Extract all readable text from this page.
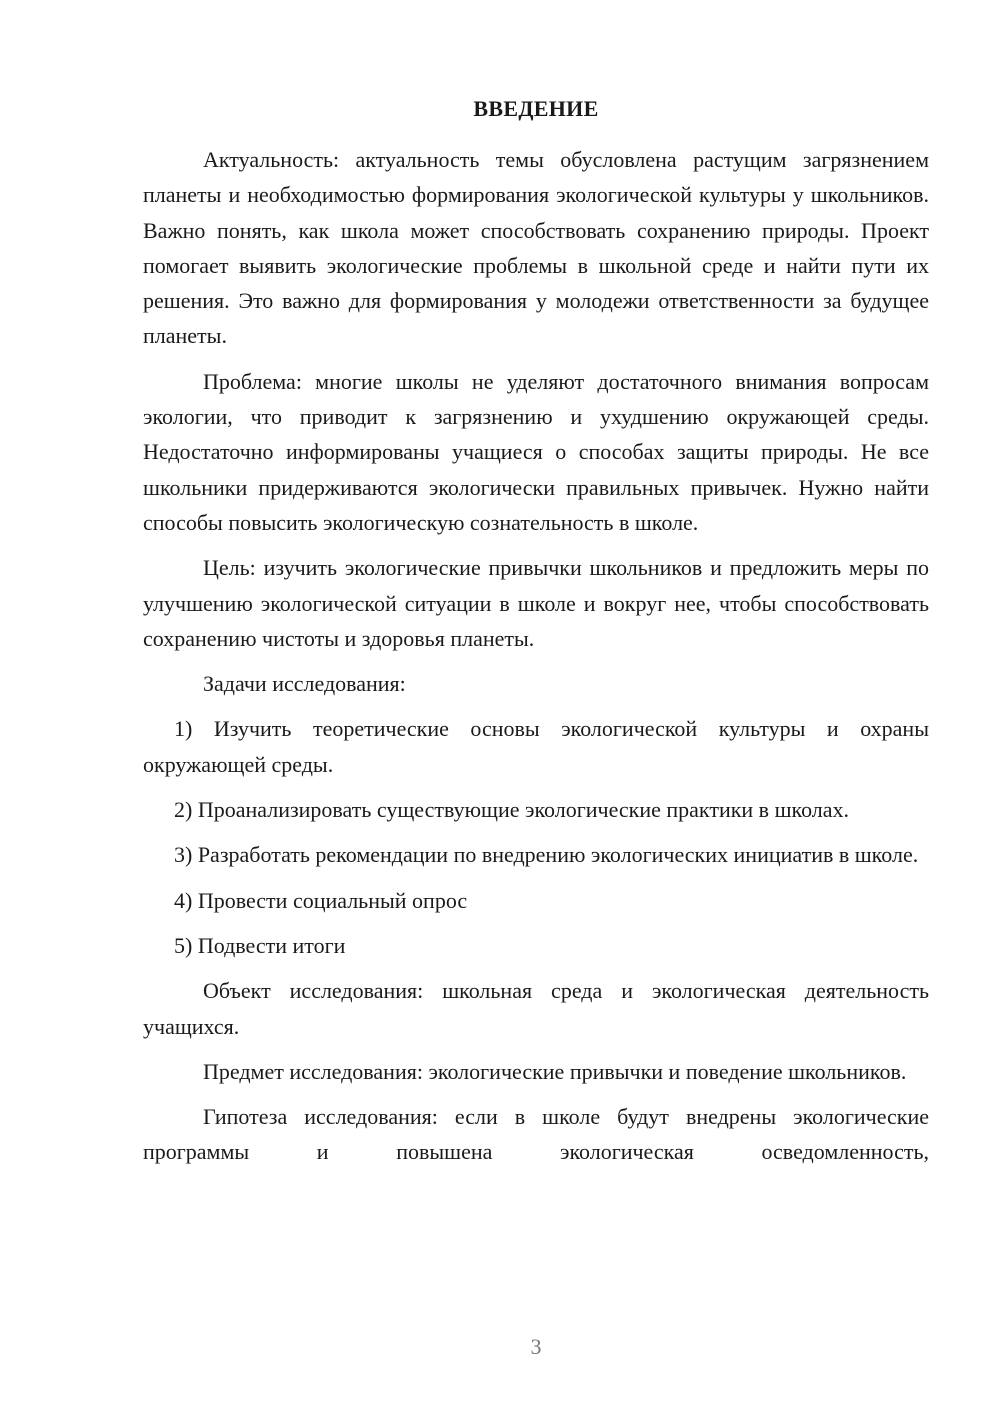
ВВЕДЕНИЕ

Актуальность: актуальность темы обусловлена растущим загрязнением планеты и необходимостью формирования экологической культуры у школьников. Важно понять, как школа может способствовать сохранению природы. Проект помогает выявить экологические проблемы в школьной среде и найти пути их решения. Это важно для формирования у молодежи ответственности за будущее планеты.

Проблема: многие школы не уделяют достаточного внимания вопросам экологии, что приводит к загрязнению и ухудшению окружающей среды. Недостаточно информированы учащиеся о способах защиты природы. Не все школьники придерживаются экологически правильных привычек. Нужно найти способы повысить экологическую сознательность в школе.

Цель: изучить экологические привычки школьников и предложить меры по улучшению экологической ситуации в школе и вокруг нее, чтобы способствовать сохранению чистоты и здоровья планеты.

Задачи исследования:

1) Изучить теоретические основы экологической культуры и охраны окружающей среды.

2) Проанализировать существующие экологические практики в школах.

3) Разработать рекомендации по внедрению экологических инициатив в школе.

4) Провести социальный опрос

5) Подвести итоги

Объект исследования: школьная среда и экологическая деятельность учащихся.

Предмет исследования: экологические привычки и поведение школьников.

Гипотеза исследования: если в школе будут внедрены экологические программы и повышена экологическая осведомленность,

3
